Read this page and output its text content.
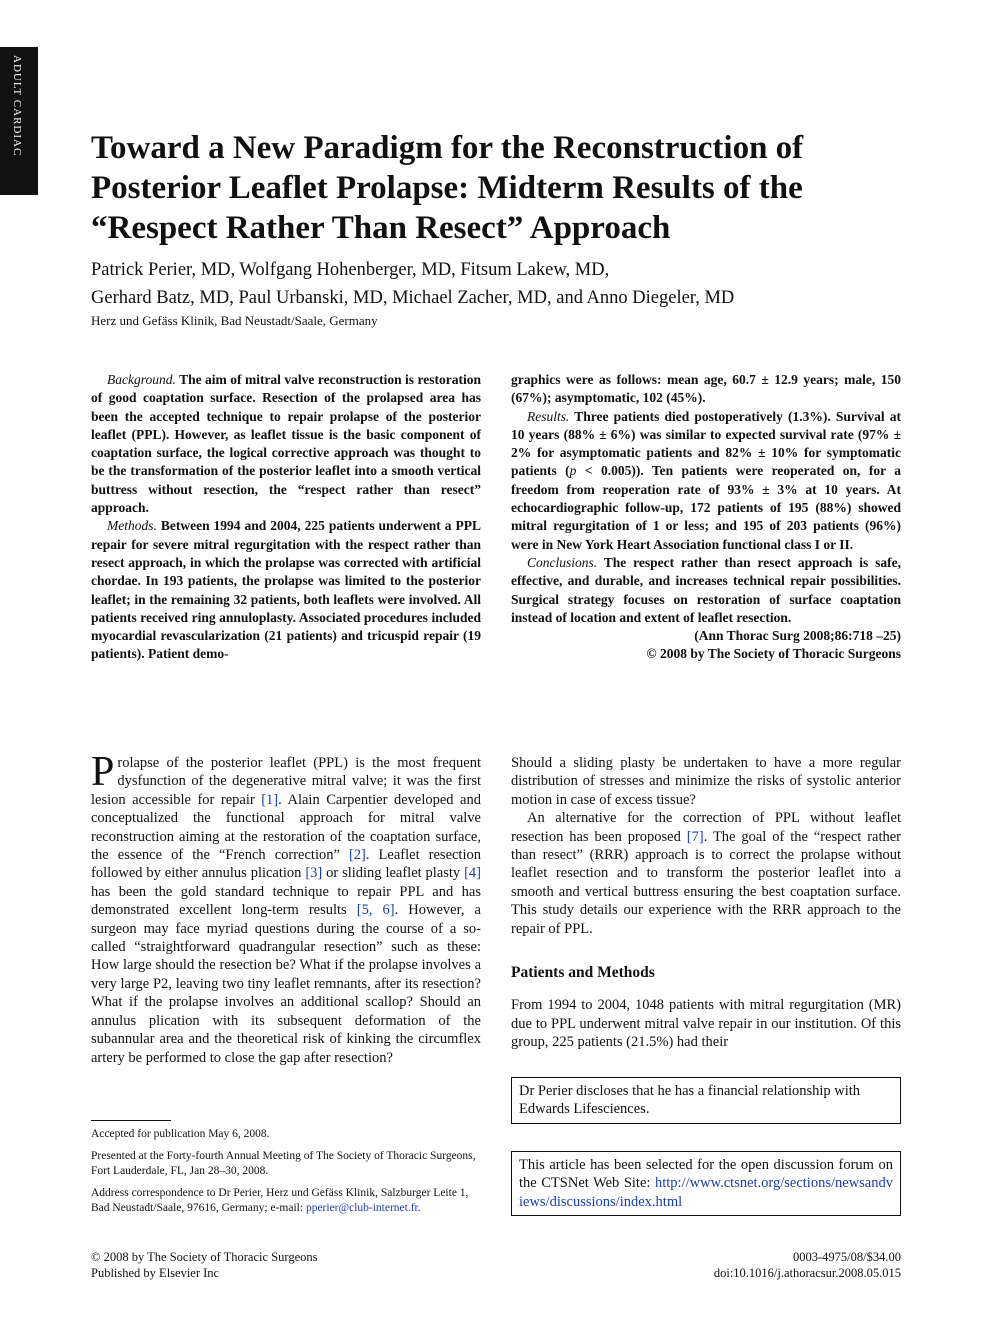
ADULT CARDIAC Toward a New Paradigm for the Reconstruction of Posterior Leaflet Prolapse: Midterm Results of the “Respect Rather Than Resect” Approach
Patrick Perier, MD, Wolfgang Hohenberger, MD, Fitsum Lakew, MD,
Gerhard Batz, MD, Paul Urbanski, MD, Michael Zacher, MD, and Anno Diegeler, MD
Herz und Gefäss Klinik, Bad Neustadt/Saale, Germany

Background. The aim of mitral valve reconstruction is restoration of good coaptation surface. Resection of the prolapsed area has been the accepted technique to repair prolapse of the posterior leaflet (PPL). However, as leaflet tissue is the basic component of coaptation surface, the logical corrective approach was thought to be the transformation of the posterior leaflet into a smooth vertical buttress without resection, the “respect rather than resect” approach.

Methods. Between 1994 and 2004, 225 patients underwent a PPL repair for severe mitral regurgitation with the respect rather than resect approach, in which the prolapse was corrected with artificial chordae. In 193 patients, the prolapse was limited to the posterior leaflet; in the remaining 32 patients, both leaflets were involved. All patients received ring annuloplasty. Associated procedures included myocardial revascularization (21 patients) and tricuspid repair (19 patients). Patient demo-

graphics were as follows: mean age, 60.7 ± 12.9 years; male, 150 (67%); asymptomatic, 102 (45%).

Results. Three patients died postoperatively (1.3%). Survival at 10 years (88% ± 6%) was similar to expected survival rate (97% ± 2% for asymptomatic patients and 82% ± 10% for symptomatic patients (p < 0.005)). Ten patients were reoperated on, for a freedom from reoperation rate of 93% ± 3% at 10 years. At echocardiographic follow-up, 172 patients of 195 (88%) showed mitral regurgitation of 1 or less; and 195 of 203 patients (96%) were in New York Heart Association functional class I or II.

Conclusions. The respect rather than resect approach is safe, effective, and durable, and increases technical repair possibilities. Surgical strategy focuses on restoration of surface coaptation instead of location and extent of leaflet resection.

(Ann Thorac Surg 2008;86:718 –25)
© 2008 by The Society of Thoracic Surgeons

Prolapse of the posterior leaflet (PPL) is the most frequent dysfunction of the degenerative mitral valve; it was the first lesion accessible for repair [1]. Alain Carpentier developed and conceptualized the functional approach for mitral valve reconstruction aiming at the restoration of the coaptation surface, the essence of the “French correction” [2]. Leaflet resection followed by either annulus plication [3] or sliding leaflet plasty [4] has been the gold standard technique to repair PPL and has demonstrated excellent long-term results [5, 6]. However, a surgeon may face myriad questions during the course of a so-called “straightforward quadrangular resection” such as these: How large should the resection be? What if the prolapse involves a very large P2, leaving two tiny leaflet remnants, after its resection? What if the prolapse involves an additional scallop? Should an annulus plication with its subsequent deformation of the subannular area and the theoretical risk of kinking the circumflex artery be performed to close the gap after resection?

Should a sliding plasty be undertaken to have a more regular distribution of stresses and minimize the risks of systolic anterior motion in case of excess tissue?

An alternative for the correction of PPL without leaflet resection has been proposed [7]. The goal of the “respect rather than resect” (RRR) approach is to correct the prolapse without leaflet resection and to transform the posterior leaflet into a smooth and vertical buttress ensuring the best coaptation surface. This study details our experience with the RRR approach to the repair of PPL.

Patients and Methods

From 1994 to 2004, 1048 patients with mitral regurgitation (MR) due to PPL underwent mitral valve repair in our institution. Of this group, 225 patients (21.5%) had their

Dr Perier discloses that he has a financial relationship with Edwards Lifesciences.
This article has been selected for the open discussion forum on the CTSNet Web Site: http://www.ctsnet.org/sections/newsandviews/discussions/index.html

Accepted for publication May 6, 2008.

Presented at the Forty-fourth Annual Meeting of The Society of Thoracic Surgeons, Fort Lauderdale, FL, Jan 28–30, 2008.

Address correspondence to Dr Perier, Herz und Gefäss Klinik, Salzburger Leite 1, Bad Neustadt/Saale, 97616, Germany; e-mail: pperier@club-internet.fr.

© 2008 by The Society of Thoracic Surgeons
Published by Elsevier Inc
0003-4975/08/$34.00
doi:10.1016/j.athoracsur.2008.05.015
